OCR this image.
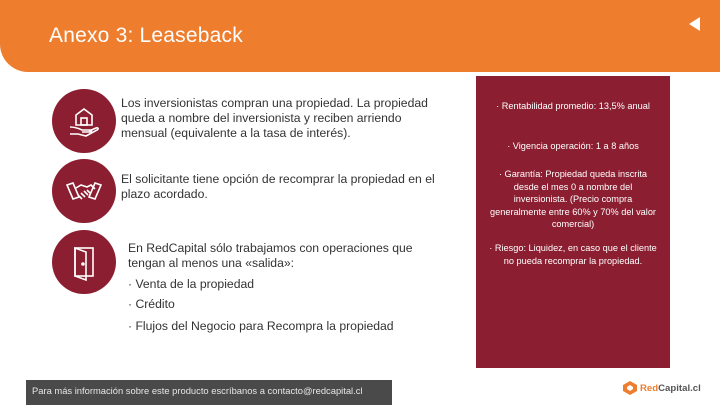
Anexo 3: Leaseback
Los inversionistas compran una propiedad. La propiedad queda a nombre del inversionista y reciben arriendo mensual (equivalente a la tasa de interés).
El solicitante tiene opción de recomprar la propiedad en el plazo acordado.
En RedCapital sólo trabajamos con operaciones que tengan al menos una «salida»:
· Venta de la propiedad
· Crédito
· Flujos del Negocio para Recompra la propiedad
· Rentabilidad promedio: 13,5% anual
· Vigencia operación: 1 a 8 años
· Garantía: Propiedad queda inscrita desde el mes 0 a nombre del inversionista. (Precio compra generalmente entre 60% y 70% del valor comercial)
· Riesgo: Liquidez, en caso que el cliente no pueda recomprar la propiedad.
Para más información sobre este producto escríbanos a contacto@redcapital.cl	RedCapital.cl
